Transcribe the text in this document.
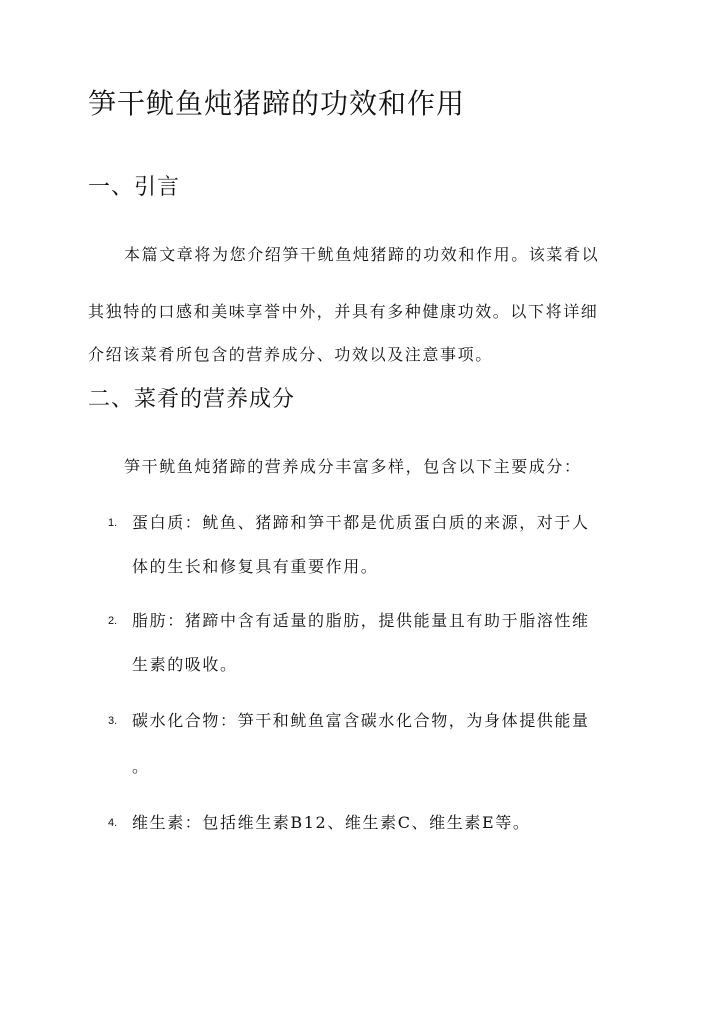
笋干鱿鱼炖猪蹄的功效和作用
一、引言
本篇文章将为您介绍笋干鱿鱼炖猪蹄的功效和作用。该菜肴以
其独特的口感和美味享誉中外，并具有多种健康功效。以下将详细
介绍该菜肴所包含的营养成分、功效以及注意事项。
二、菜肴的营养成分
笋干鱿鱼炖猪蹄的营养成分丰富多样，包含以下主要成分：
1. 蛋白质：鱿鱼、猪蹄和笋干都是优质蛋白质的来源，对于人
体的生长和修复具有重要作用。
2. 脂肪：猪蹄中含有适量的脂肪，提供能量且有助于脂溶性维
生素的吸收。
3. 碳水化合物：笋干和鱿鱼富含碳水化合物，为身体提供能量
。
4. 维生素：包括维生素B12、维生素C、维生素E等。
